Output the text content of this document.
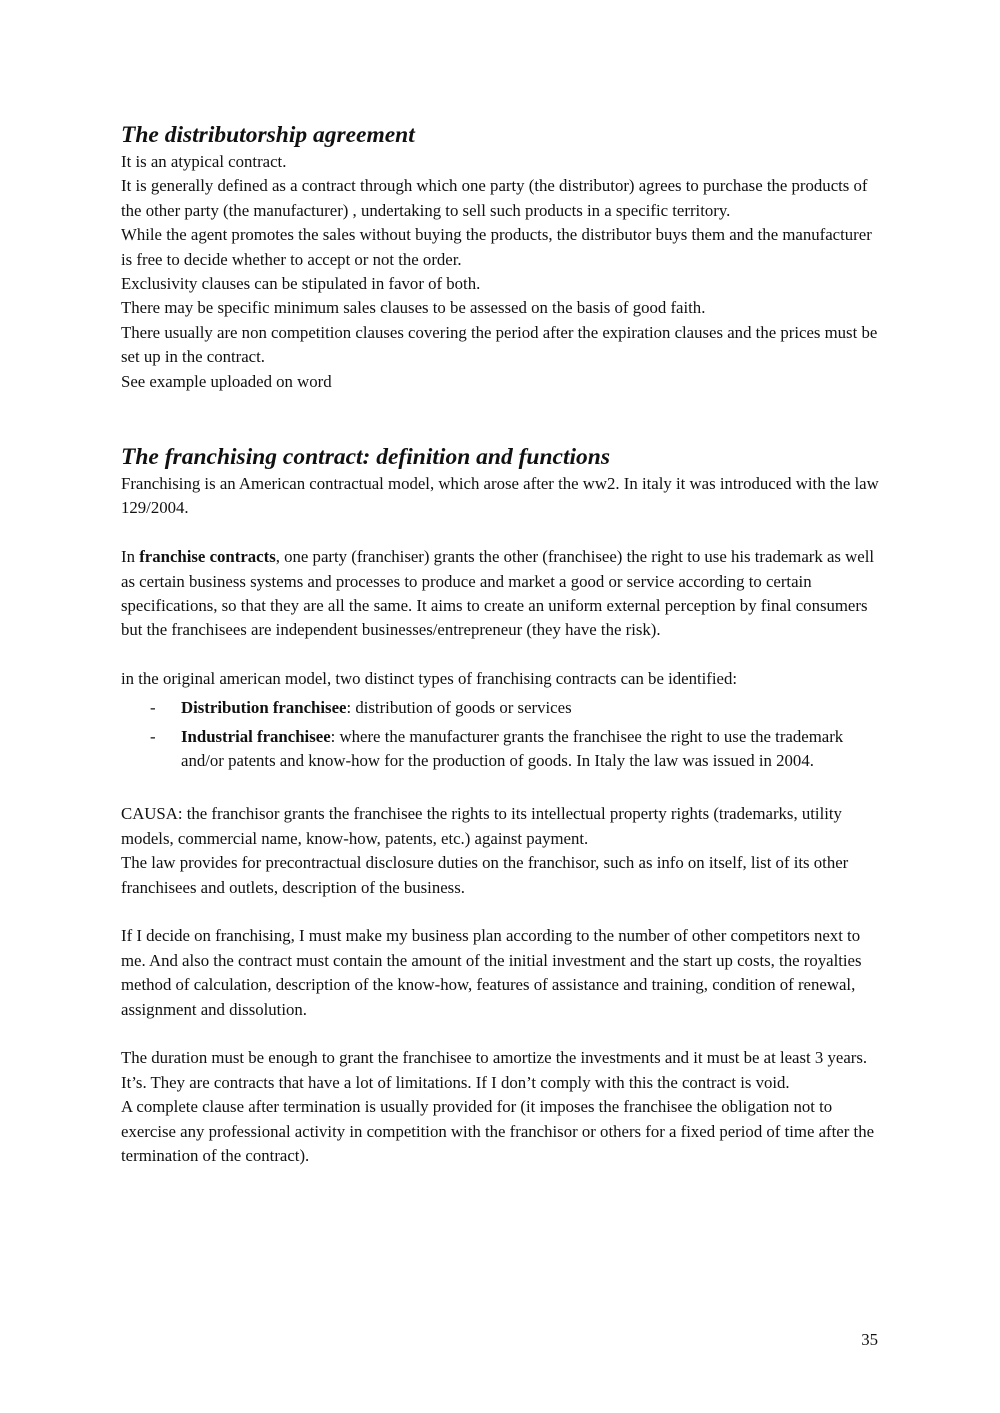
The distributorship agreement

It is an atypical contract.

It is generally defined as a contract through which one party (the distributor) agrees to purchase the products of the other party (the manufacturer) , undertaking to sell such products in a specific territory.

While the agent promotes the sales without buying the products, the distributor buys them and the manufacturer is free to decide whether to accept or not the order.

Exclusivity clauses can be stipulated in favor of both.

There may be specific minimum sales clauses to be assessed on the basis of good faith.

There usually are non competition clauses covering the period after the expiration clauses and the prices must be set up in the contract.

See example uploaded on word

The franchising contract: definition and functions

Franchising is an American contractual model, which arose after the ww2. In italy it was introduced with the law 129/2004.

In franchise contracts, one party (franchiser) grants the other (franchisee) the right to use his trademark as well as certain business systems and processes to produce and market a good or service according to certain specifications, so that they are all the same. It aims to create an uniform external perception by final consumers but the franchisees are independent businesses/entrepreneur (they have the risk).

in the original american model, two distinct types of franchising contracts can be identified:

- Distribution franchisee: distribution of goods or services
- Industrial franchisee: where the manufacturer grants the franchisee the right to use the trademark and/or patents and know-how for the production of goods. In Italy the law was issued in 2004.

CAUSA: the franchisor grants the franchisee the rights to its intellectual property rights (trademarks, utility models, commercial name, know-how, patents, etc.) against payment.

The law provides for precontractual disclosure duties on the franchisor, such as info on itself, list of its other franchisees and outlets, description of the business.

If I decide on franchising, I must make my business plan according to the number of other competitors next to me. And also the contract must contain the amount of the initial investment and the start up costs, the royalties method of calculation, description of the know-how, features of assistance and training, condition of renewal, assignment and dissolution.

The duration must be enough to grant the franchisee to amortize the investments and it must be at least 3 years. It’s. They are contracts that have a lot of limitations. If I don’t comply with this the contract is void.

A complete clause after termination is usually provided for (it imposes the franchisee the obligation not to exercise any professional activity in competition with the franchisor or others for a fixed period of time after the termination of the contract).

35
